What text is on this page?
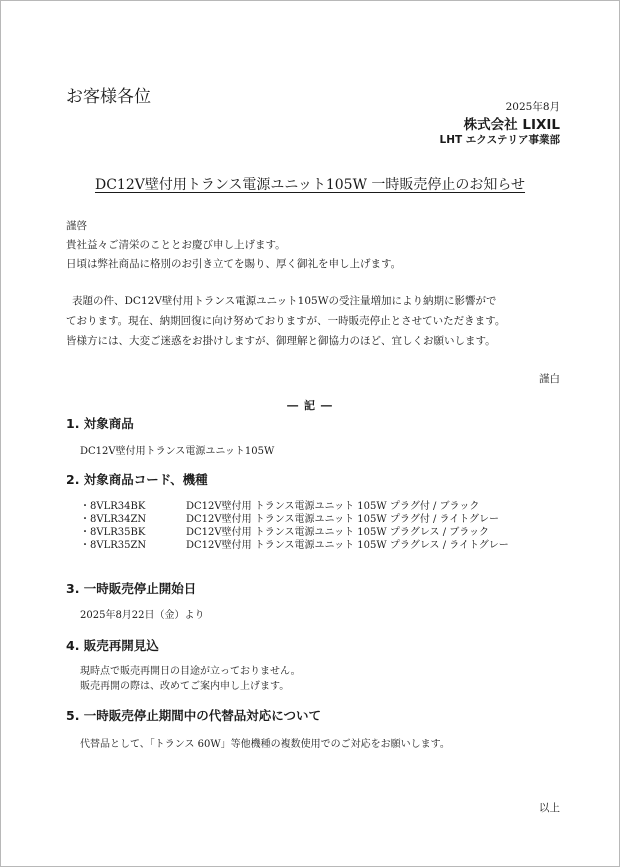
お客様各位	2025年8月
株式会社 LIXIL
LHT エクステリア事業部
DC12V壁付用トランス電源ユニット105W 一時販売停止のお知らせ
謹啓
貴社益々ご清栄のこととお慶び申し上げます。
日頃は弊社商品に格別のお引き立てを賜り、厚く御礼を申し上げます。
表題の件、DC12V壁付用トランス電源ユニット105Wの受注量増加により納期に影響がで
ております。現在、納期回復に向け努めておりますが、一時販売停止とさせていただきます。
皆様方には、大変ご迷惑をお掛けしますが、御理解と御協力のほど、宜しくお願いします。
謹白
― 記 ―
1. 対象商品
DC12V壁付用トランス電源ユニット105W
2. 対象商品コード、機種
・8VLR34BK	DC12V壁付用 トランス電源ユニット 105W プラグ付 / ブラック
・8VLR34ZN	DC12V壁付用 トランス電源ユニット 105W プラグ付 / ライトグレー
・8VLR35BK	DC12V壁付用 トランス電源ユニット 105W プラグレス / ブラック
・8VLR35ZN	DC12V壁付用 トランス電源ユニット 105W プラグレス / ライトグレー
3. 一時販売停止開始日
2025年8月22日（金）より
4. 販売再開見込
現時点で販売再開日の目途が立っておりません。
販売再開の際は、改めてご案内申し上げます。
5. 一時販売停止期間中の代替品対応について
代替品として、「トランス 60W」等他機種の複数使用でのご対応をお願いします。
以上
